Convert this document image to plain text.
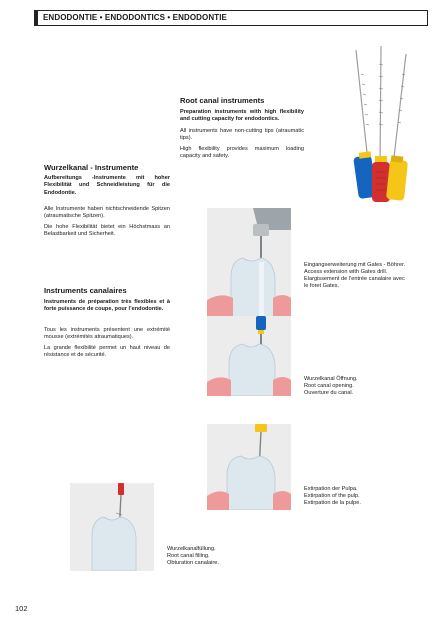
ENDODONTIE • ENDODONTICS • ENDODONTIE
Root canal instruments
Preparation instruments with high flexibility and cutting capacity for endodontics.

All instruments have non-cutting tips (atraumatic tips).

High flexibility provides maximum loading capacity and safety.

Wurzelkanal - Instrumente
Aufbereitungs -Instrumente mit hoher Flexibilität und Schneidleistung für die Endodontie.

Alle Instrumente haben nichtschneidende Spitzen (atraumatische Spitzen).

Die hohe Flexibilität bietet ein Höchstmass an Belastbarkeit und Sicherheit.

Instruments canalaires
Instruments de préparation très flexibles et à forte puissance de coupe, pour l’endodontie.

Tous les instruments présentent une extrémité mousse (extrémités atraumatiques).

La grande flexibilité permet un haut niveau de résistance et de sécurité.

Eingangserweiterung mit Gates - Böhrer.
Access extension with Gates drill.
Elargissement de l’entrée canalaire avec
le foret Gates.
Wurzelkanal Öffnung.
Root canal opening.
Ouverture du canal.
Extirpation der Pulpa.
Extirpation of the pulp.
Extirpation de la pulpe.
Wurzelkanalfüllung.
Root canal filling.
Obturation canalaire.
102
